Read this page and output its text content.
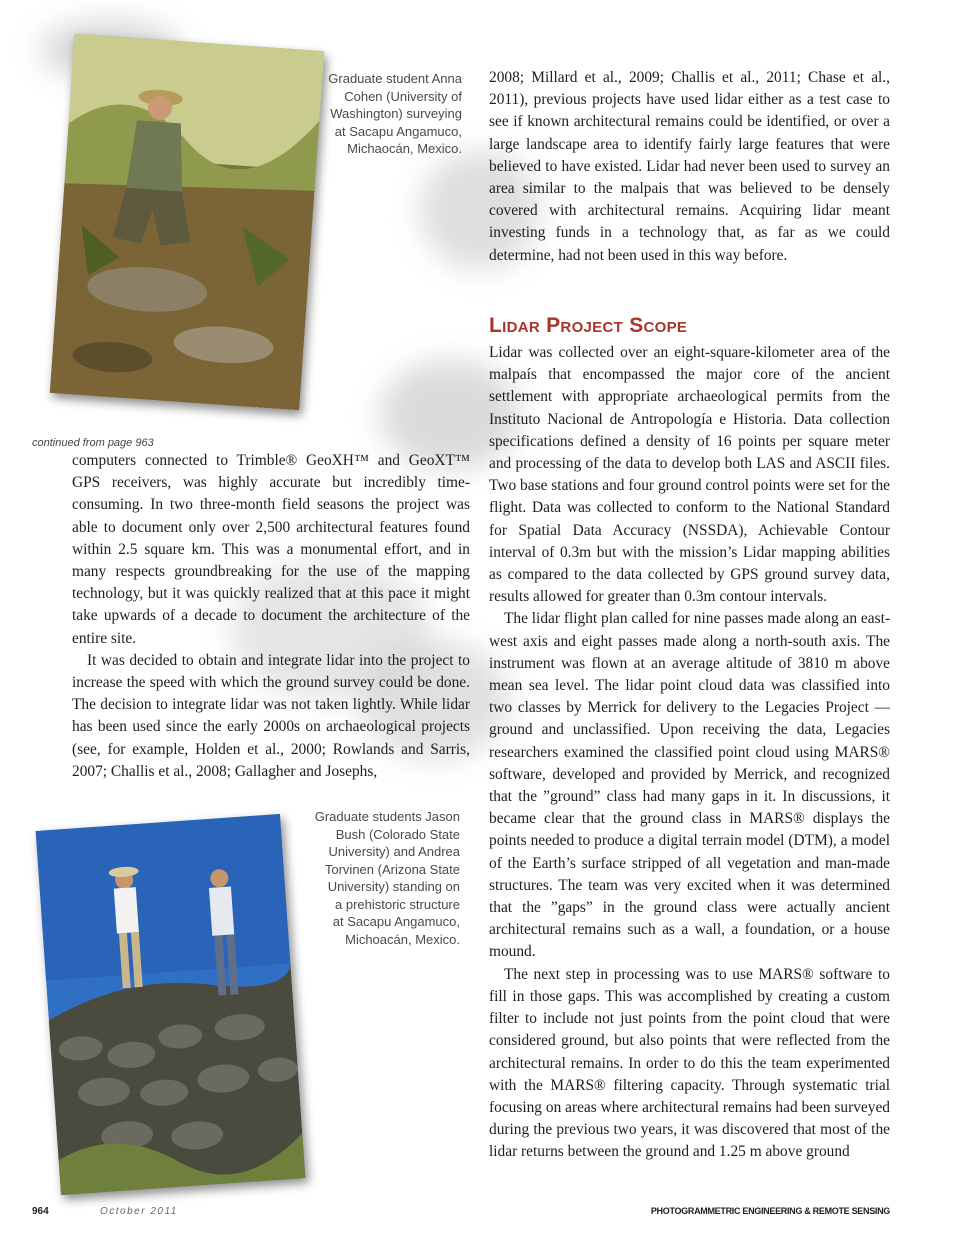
Graduate student Anna
Cohen (University of
Washington) surveying
at Sacapu Angamuco,
Michaocán, Mexico.

2008; Millard et al., 2009; Challis et al., 2011; Chase et al., 2011), previous projects have used lidar either as a test case to see if known architectural remains could be identified, or over a large landscape area to identify fairly large features that were believed to have existed. Lidar had never been used to survey an area similar to the malpais that was believed to be densely covered with architectural remains. Acquiring lidar meant investing funds in a technology that, as far as we could determine, had not been used in this way before.

Lidar Project Scope
continued from page 963

computers connected to Trimble® GeoXH™ and GeoXT™ GPS receivers, was highly accurate but incredibly time-consuming. In two three-month field seasons the project was able to document only over 2,500 architectural features found within 2.5 square km. This was a monumental effort, and in many respects groundbreaking for the use of the mapping technology, but it was quickly realized that at this pace it might take upwards of a decade to document the architecture of the entire site.

It was decided to obtain and integrate lidar into the project to increase the speed with which the ground survey could be done. The decision to integrate lidar was not taken lightly. While lidar has been used since the early 2000s on archaeological projects (see, for example, Holden et al., 2000; Rowlands and Sarris, 2007; Challis et al., 2008; Gallagher and Josephs,

Graduate students Jason
Bush (Colorado State
University) and Andrea
Torvinen (Arizona State
University) standing on
a prehistoric structure
at Sacapu Angamuco,
Michoacán, Mexico.

Lidar was collected over an eight-square-kilometer area of the malpaís that encompassed the major core of the ancient settlement with appropriate archaeological permits from the Instituto Nacional de Antropología e Historia. Data collection specifications defined a density of 16 points per square meter and processing of the data to develop both LAS and ASCII files. Two base stations and four ground control points were set for the flight. Data was collected to conform to the National Standard for Spatial Data Accuracy (NSSDA), Achievable Contour interval of 0.3m but with the mission’s Lidar mapping abilities as compared to the data collected by GPS ground survey data, results allowed for greater than 0.3m contour intervals.

The lidar flight plan called for nine passes made along an east-west axis and eight passes made along a north-south axis. The instrument was flown at an average altitude of 3810 m above mean sea level. The lidar point cloud data was classified into two classes by Merrick for delivery to the Legacies Project — ground and unclassified. Upon receiving the data, Legacies researchers examined the classified point cloud using MARS® software, developed and provided by Merrick, and recognized that the ”ground” class had many gaps in it. In discussions, it became clear that the ground class in MARS® displays the points needed to produce a digital terrain model (DTM), a model of the Earth’s surface stripped of all vegetation and man-made structures. The team was very excited when it was determined that the ”gaps” in the ground class were actually ancient architectural remains such as a wall, a foundation, or a house mound.

The next step in processing was to use MARS® software to fill in those gaps. This was accomplished by creating a custom filter to include not just points from the point cloud that were considered ground, but also points that were reflected from the architectural remains. In order to do this the team experimented with the MARS® filtering capacity. Through systematic trial focusing on areas where architectural remains had been surveyed during the previous two years, it was discovered that most of the lidar returns between the ground and 1.25 m above ground

964	October 2011	PHOTOGRAMMETRIC ENGINEERING & REMOTE SENSING
